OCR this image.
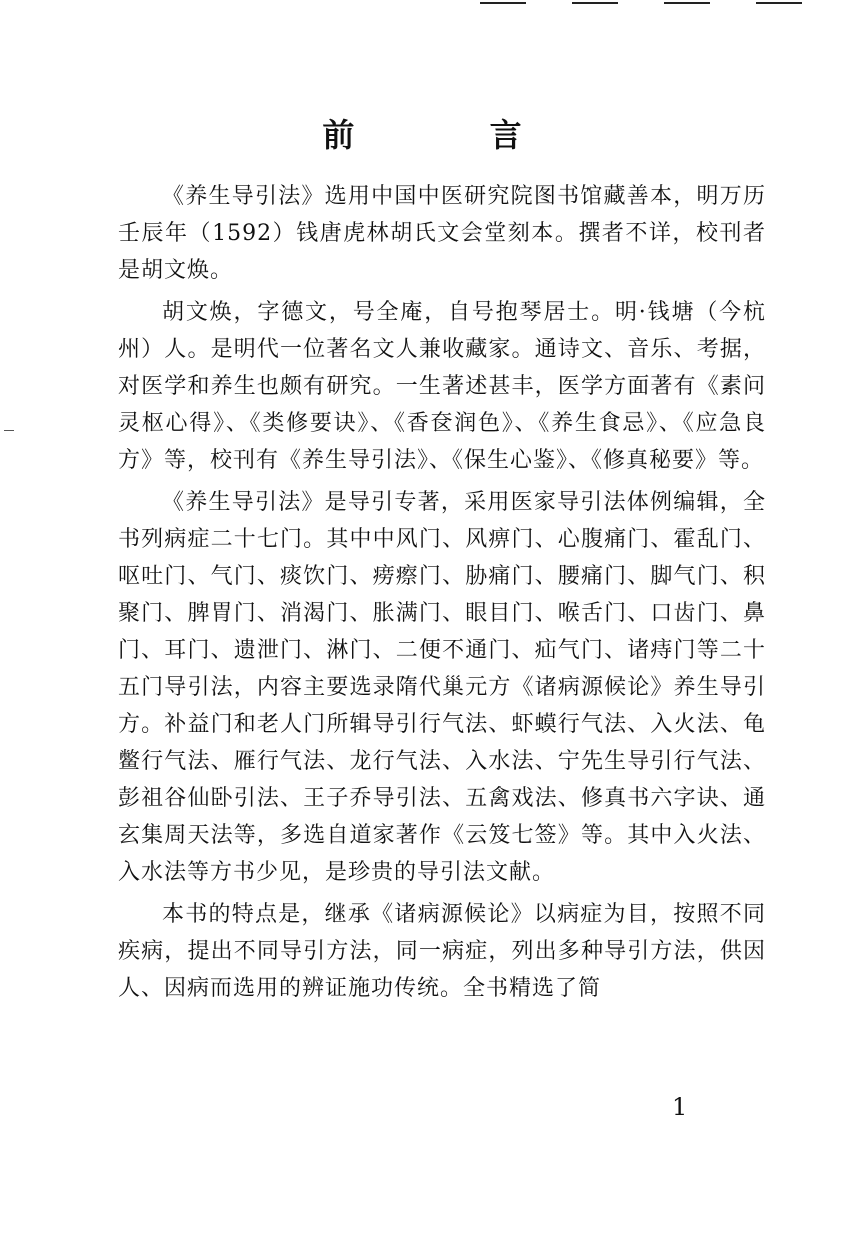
前 言

《养生导引法》选用中国中医研究院图书馆藏善本，明万历壬辰年（1592）钱唐虎林胡氏文会堂刻本。撰者不详，校刊者是胡文焕。

胡文焕，字德文，号全庵，自号抱琴居士。明·钱塘（今杭州）人。是明代一位著名文人兼收藏家。通诗文、音乐、考据，对医学和养生也颇有研究。一生著述甚丰，医学方面著有《素问灵枢心得》、《类修要诀》、《香奁润色》、《养生食忌》、《应急良方》等，校刊有《养生导引法》、《保生心鉴》、《修真秘要》等。

《养生导引法》是导引专著，采用医家导引法体例编辑，全书列病症二十七门。其中中风门、风痹门、心腹痛门、霍乱门、呕吐门、气门、痰饮门、痨瘵门、胁痛门、腰痛门、脚气门、积聚门、脾胃门、消渴门、胀满门、眼目门、喉舌门、口齿门、鼻门、耳门、遗泄门、淋门、二便不通门、疝气门、诸痔门等二十五门导引法，内容主要选录隋代巢元方《诸病源候论》养生导引方。补益门和老人门所辑导引行气法、虾蟆行气法、入火法、龟鳖行气法、雁行气法、龙行气法、入水法、宁先生导引行气法、彭祖谷仙卧引法、王子乔导引法、五禽戏法、修真书六字诀、通玄集周天法等，多选自道家著作《云笈七签》等。其中入火法、入水法等方书少见，是珍贵的导引法文献。

本书的特点是，继承《诸病源候论》以病症为目，按照不同疾病，提出不同导引方法，同一病症，列出多种导引方法，供因人、因病而选用的辨证施功传统。全书精选了简

1
